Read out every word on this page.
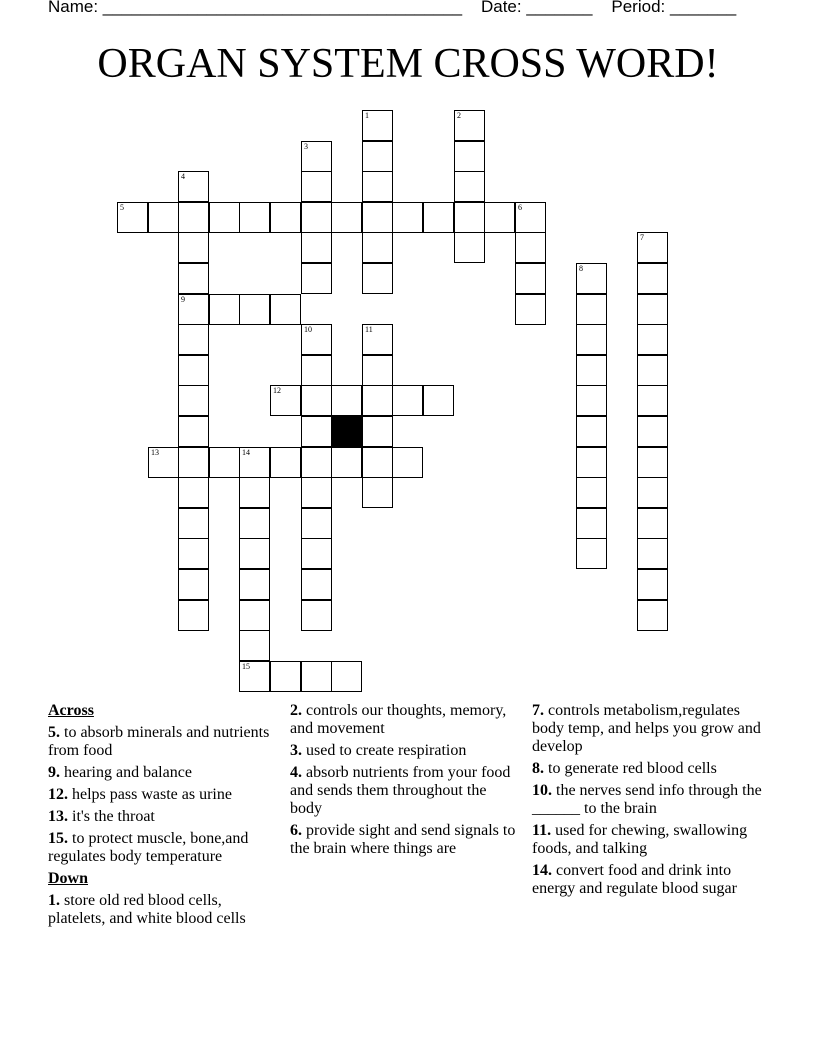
Name: ______________________________________    Date: _______    Period: _______
ORGAN SYSTEM CROSS WORD!
1	2
3
4
9
5	6
7
8
10	11
12
13	14
15
Across
5. to absorb minerals and nutrients from food
9. hearing and balance
12. helps pass waste as urine
13. it's the throat
15. to protect muscle, bone,and regulates body temperature
Down
1. store old red blood cells, platelets, and white blood cells
2. controls our thoughts, memory, and movement
3. used to create respiration
4. absorb nutrients from your food and sends them throughout the body
6. provide sight and send signals to the brain where things are
7. controls metabolism,regulates body temp, and helps you grow and develop
8. to generate red blood cells
10. the nerves send info through the ______ to the brain
11. used for chewing, swallowing foods, and talking
14. convert food and drink into energy and regulate blood sugar
